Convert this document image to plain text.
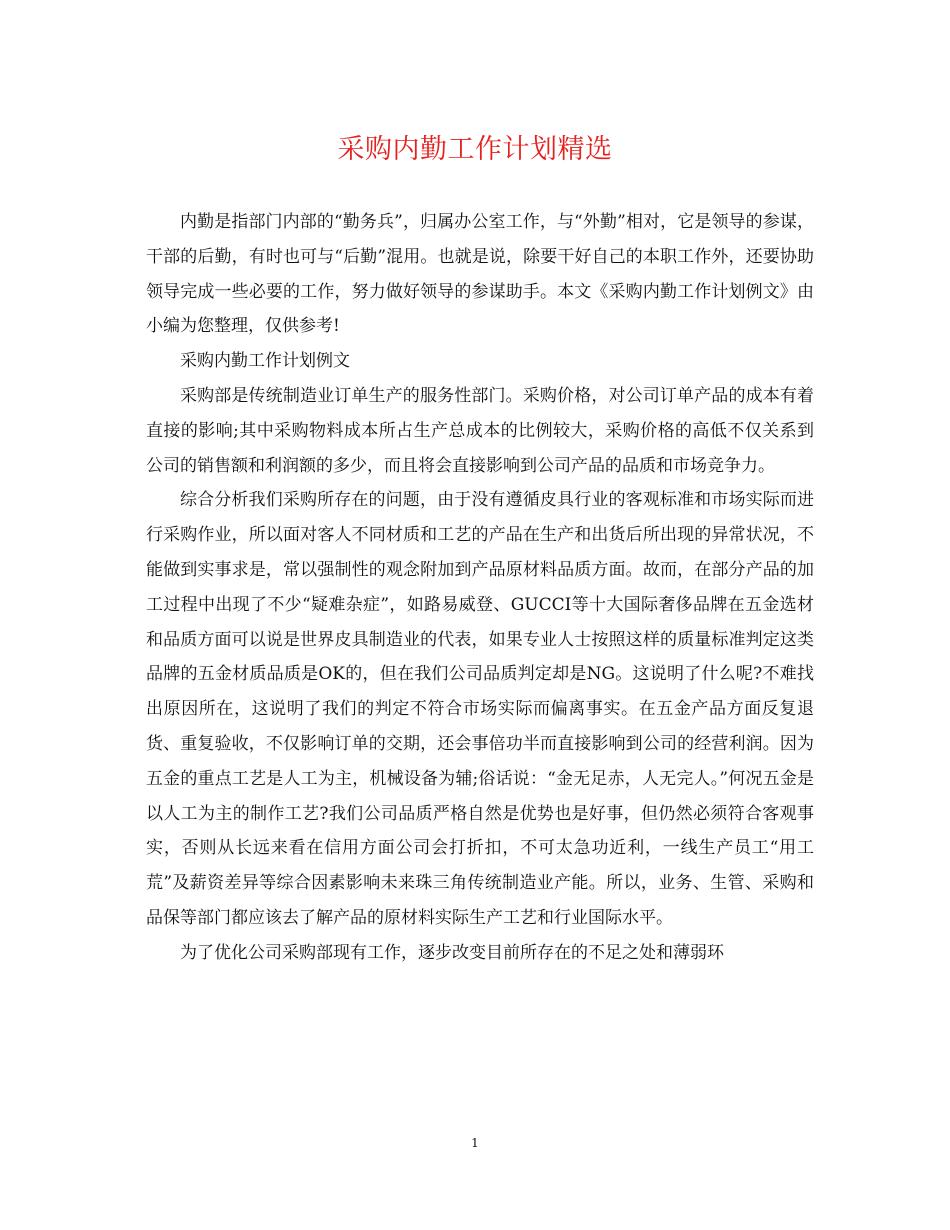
采购内勤工作计划精选

内勤是指部门内部的“勤务兵”，归属办公室工作，与“外勤”相对，它是领导的参谋，干部的后勤，有时也可与“后勤”混用。也就是说，除要干好自己的本职工作外，还要协助领导完成一些必要的工作，努力做好领导的参谋助手。本文《采购内勤工作计划例文》由小编为您整理，仅供参考!

采购内勤工作计划例文

采购部是传统制造业订单生产的服务性部门。采购价格，对公司订单产品的成本有着直接的影响;其中采购物料成本所占生产总成本的比例较大，采购价格的高低不仅关系到公司的销售额和利润额的多少，而且将会直接影响到公司产品的品质和市场竞争力。

综合分析我们采购所存在的问题，由于没有遵循皮具行业的客观标准和市场实际而进行采购作业，所以面对客人不同材质和工艺的产品在生产和出货后所出现的异常状况，不能做到实事求是，常以强制性的观念附加到产品原材料品质方面。故而，在部分产品的加工过程中出现了不少“疑难杂症”，如路易威登、GUCCI等十大国际奢侈品牌在五金选材和品质方面可以说是世界皮具制造业的代表，如果专业人士按照这样的质量标准判定这类品牌的五金材质品质是OK的，但在我们公司品质判定却是NG。这说明了什么呢?不难找出原因所在，这说明了我们的判定不符合市场实际而偏离事实。在五金产品方面反复退货、重复验收，不仅影响订单的交期，还会事倍功半而直接影响到公司的经营利润。因为五金的重点工艺是人工为主，机械设备为辅;俗话说：“金无足赤，人无完人。”何况五金是以人工为主的制作工艺?我们公司品质严格自然是优势也是好事，但仍然必须符合客观事实，否则从长远来看在信用方面公司会打折扣，不可太急功近利，一线生产员工“用工荒”及薪资差异等综合因素影响未来珠三角传统制造业产能。所以，业务、生管、采购和品保等部门都应该去了解产品的原材料实际生产工艺和行业国际水平。

为了优化公司采购部现有工作，逐步改变目前所存在的不足之处和薄弱环

1
